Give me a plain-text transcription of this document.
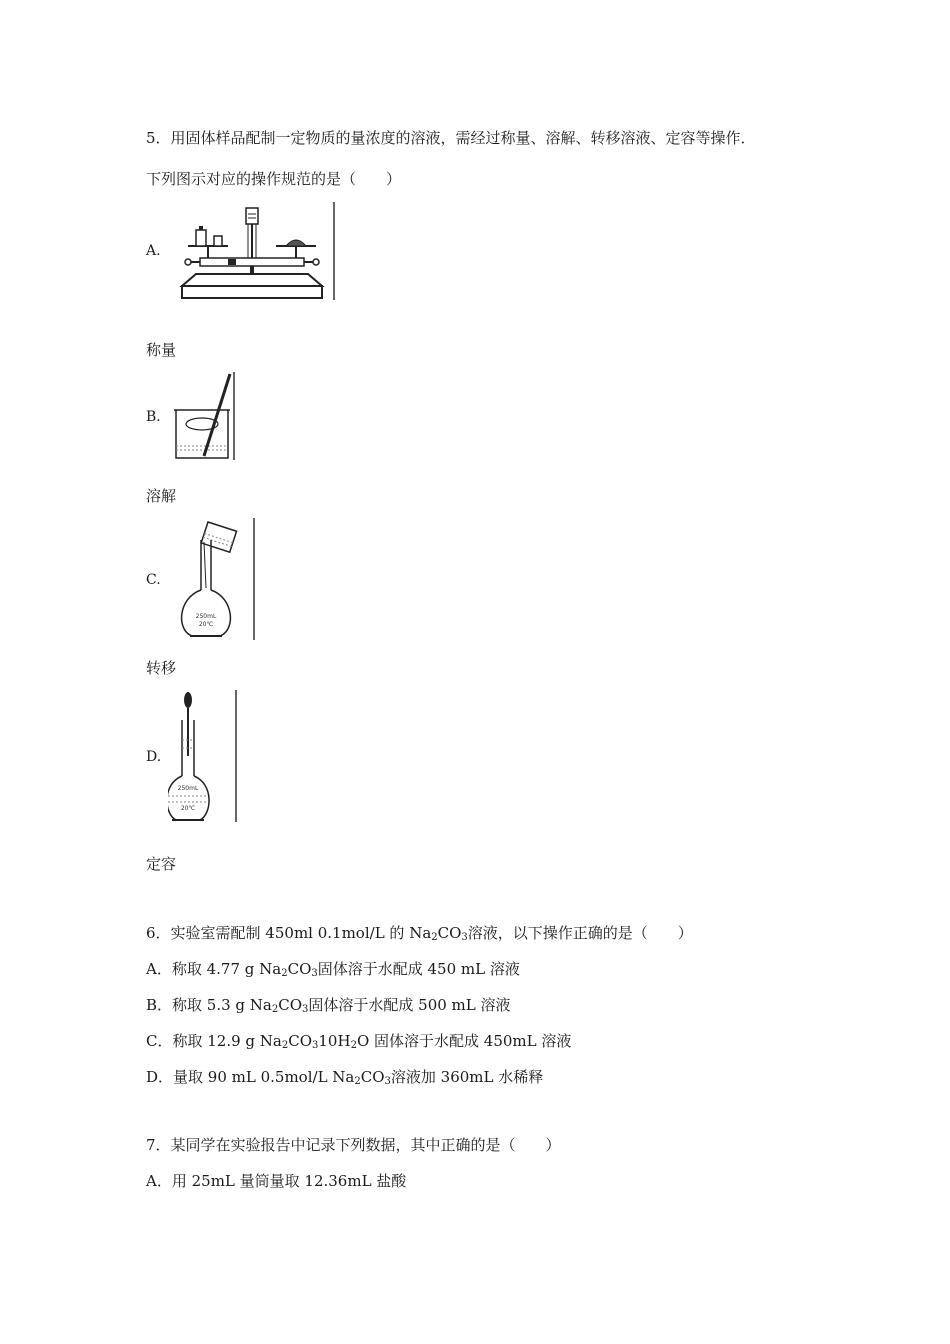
5．用固体样品配制一定物质的量浓度的溶液，需经过称量、溶解、转移溶液、定容等操作．
下列图示对应的操作规范的是（　　）
A.
称量
B.
溶解
C.
250mL
20℃
转移
D.
250mL
20℃
定容
6．实验室需配制 450ml 0.1mol/L 的 $Na_2CO_3$溶液，以下操作正确的是（　　）
A．称取 4.77 g $Na_2CO_3$固体溶于水配成 450 mL 溶液
B．称取 5.3 g $Na_2CO_3$固体溶于水配成 500 mL 溶液
C．称取 12.9 g $Na_2CO_310H_2O$ 固体溶于水配成 450mL 溶液
D．量取 90 mL 0.5mol/L $Na_2CO_3$溶液加 360mL 水稀释
7．某同学在实验报告中记录下列数据，其中正确的是（　　）
A．用 25mL 量筒量取 12.36mL 盐酸
